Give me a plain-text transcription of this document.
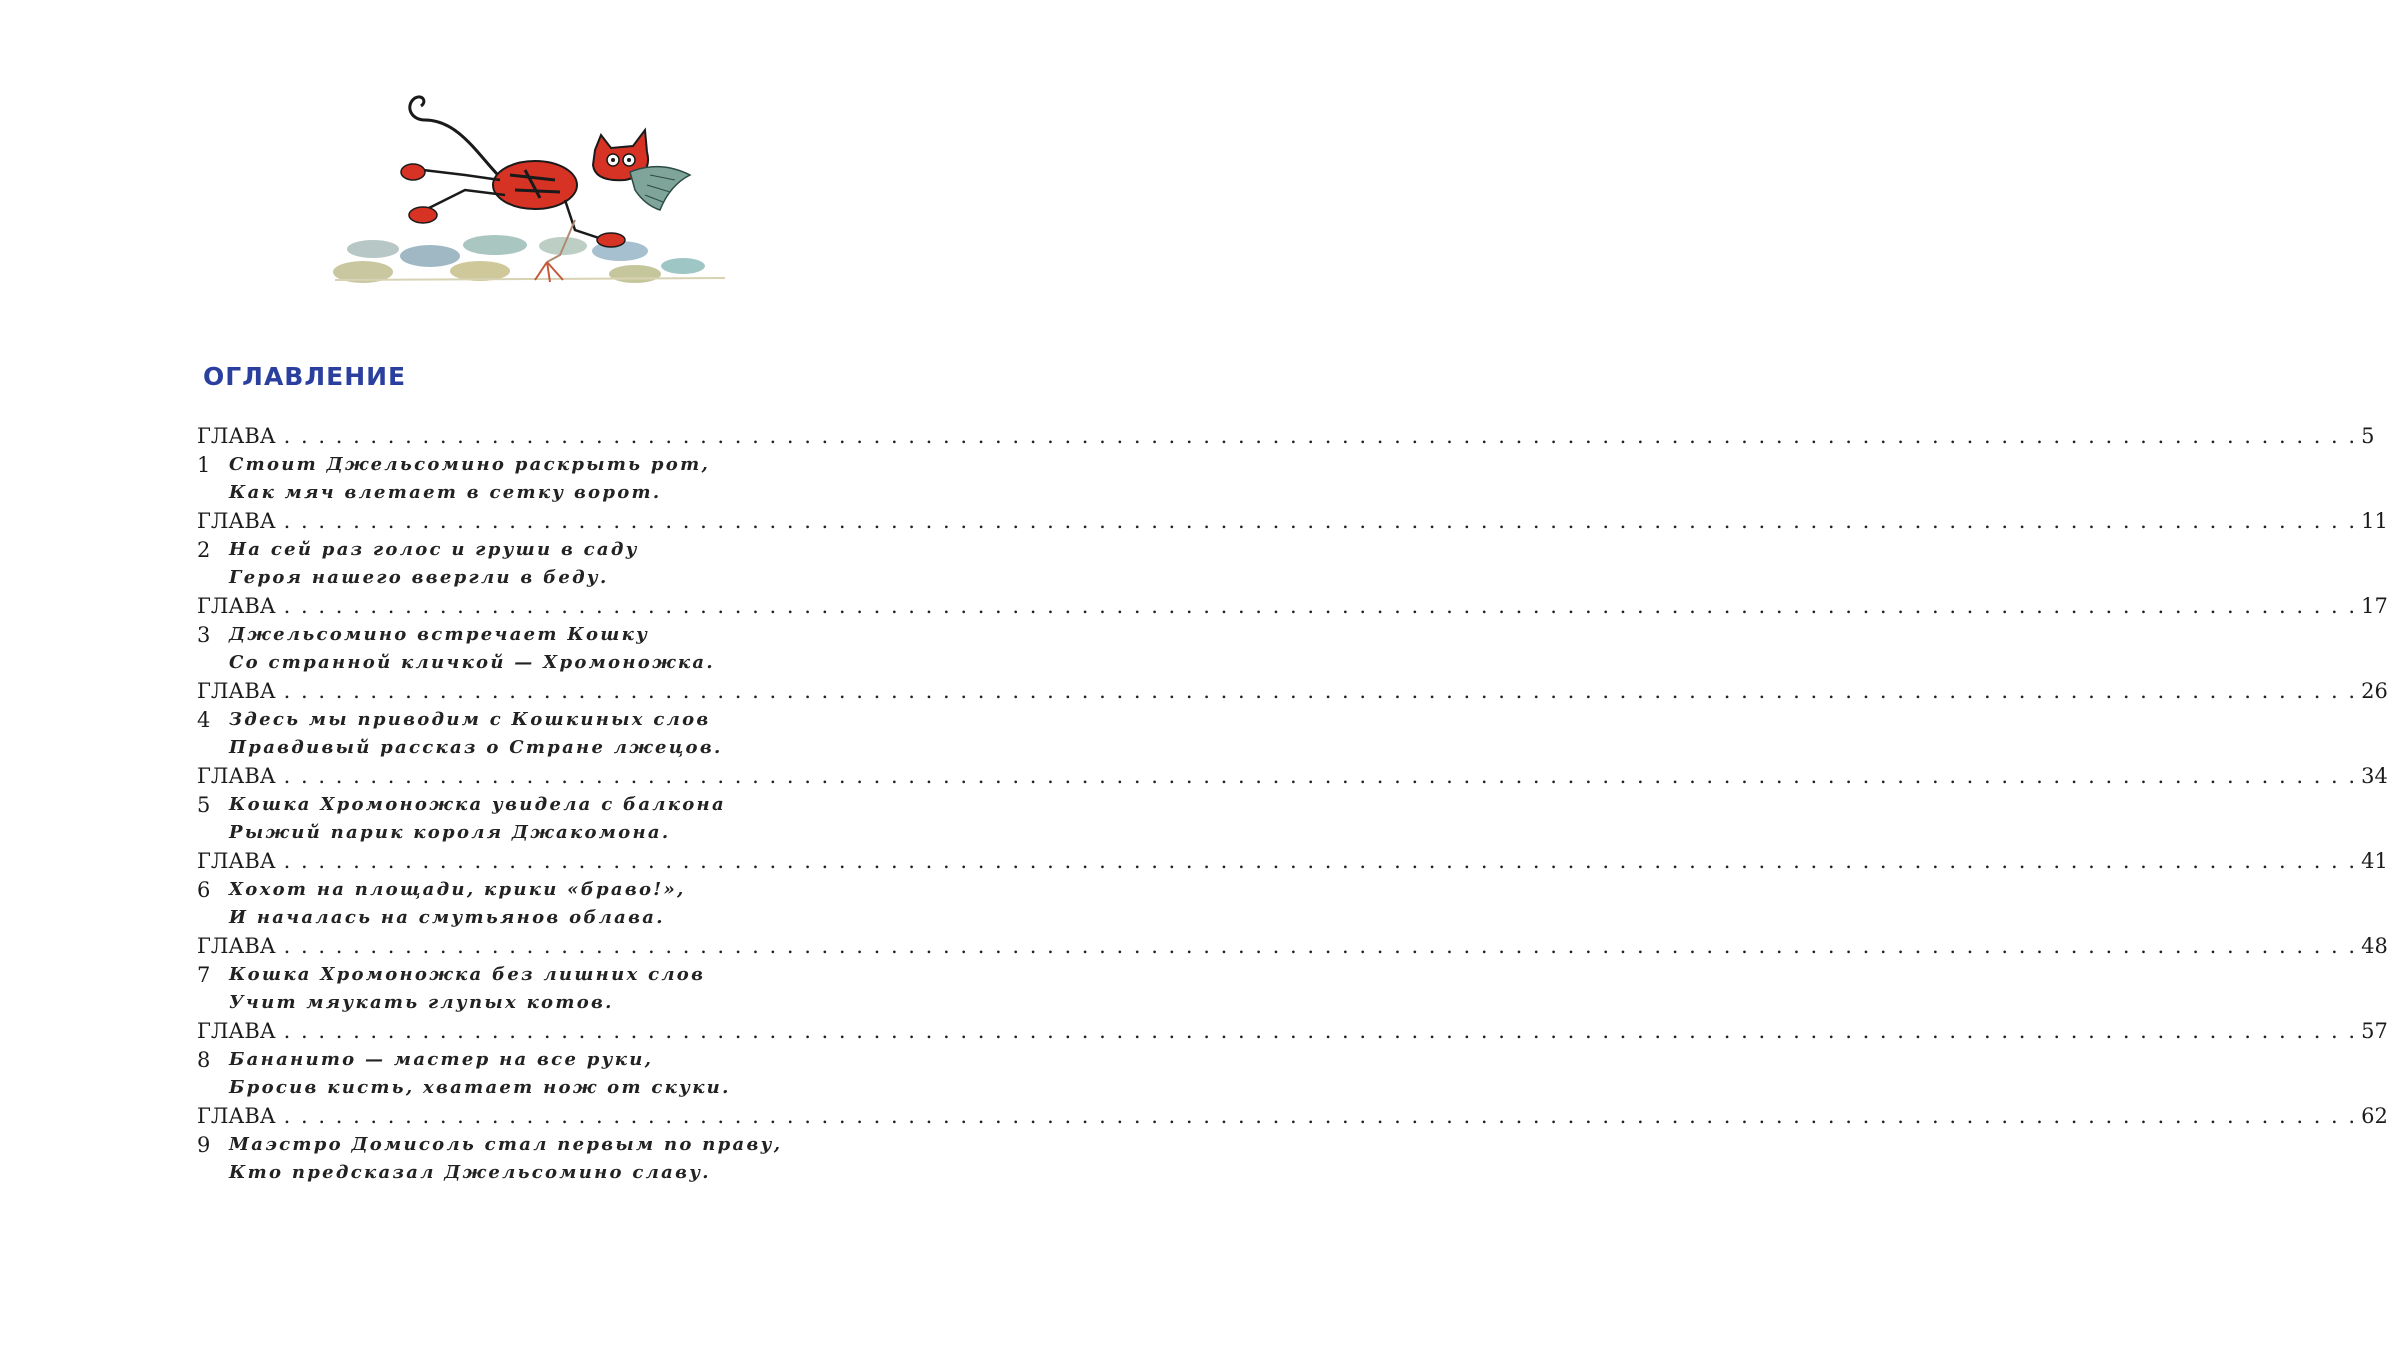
ОГЛАВЛЕНИЕ
ГЛАВА 1
. . . . . . . . . . . . . . . . . . . . . . . . . . . . . . . . . . . . . . . . . . . . . . . . . . . . . . . . . . . . . . . . . . . . . . . . . . . . . . . . . . . . . . . . . . . . . . . . . . . . . . . . . . . . . . . . . . . . . . . . 5
Стоит Джельсомино раскрыть рот,
Как мяч влетает в сетку ворот.
ГЛАВА 2
. . . . . . . . . . . . . . . . . . . . . . . . . . . . . . . . . . . . . . . . . . . . . . . . . . . . . . . . . . . . . . . . . . . . . . . . . . . . . . . . . . . . . . . . . . . . . . . . . . . . . . . . . . . . . . . . . . . . . . . . 11
На сей раз голос и груши в саду
Героя нашего ввергли в беду.
ГЛАВА 3
. . . . . . . . . . . . . . . . . . . . . . . . . . . . . . . . . . . . . . . . . . . . . . . . . . . . . . . . . . . . . . . . . . . . . . . . . . . . . . . . . . . . . . . . . . . . . . . . . . . . . . . . . . . . . . . . . . . . . . . . 17
Джельсомино встречает Кошку
Со странной кличкой — Хромоножка.
ГЛАВА 4
. . . . . . . . . . . . . . . . . . . . . . . . . . . . . . . . . . . . . . . . . . . . . . . . . . . . . . . . . . . . . . . . . . . . . . . . . . . . . . . . . . . . . . . . . . . . . . . . . . . . . . . . . . . . . . . . . . . . . . . . 26
Здесь мы приводим с Кошкиных слов
Правдивый рассказ о Стране лжецов.
ГЛАВА 5
. . . . . . . . . . . . . . . . . . . . . . . . . . . . . . . . . . . . . . . . . . . . . . . . . . . . . . . . . . . . . . . . . . . . . . . . . . . . . . . . . . . . . . . . . . . . . . . . . . . . . . . . . . . . . . . . . . . . . . . . 34
Кошка Хромоножка увидела с балкона
Рыжий парик короля Джакомона.
ГЛАВА 6
. . . . . . . . . . . . . . . . . . . . . . . . . . . . . . . . . . . . . . . . . . . . . . . . . . . . . . . . . . . . . . . . . . . . . . . . . . . . . . . . . . . . . . . . . . . . . . . . . . . . . . . . . . . . . . . . . . . . . . . . 41
Хохот на площади, крики «браво!»,
И началась на смутьянов облава.
ГЛАВА 7
. . . . . . . . . . . . . . . . . . . . . . . . . . . . . . . . . . . . . . . . . . . . . . . . . . . . . . . . . . . . . . . . . . . . . . . . . . . . . . . . . . . . . . . . . . . . . . . . . . . . . . . . . . . . . . . . . . . . . . . . 48
Кошка Хромоножка без лишних слов
Учит мяукать глупых котов.
ГЛАВА 8
. . . . . . . . . . . . . . . . . . . . . . . . . . . . . . . . . . . . . . . . . . . . . . . . . . . . . . . . . . . . . . . . . . . . . . . . . . . . . . . . . . . . . . . . . . . . . . . . . . . . . . . . . . . . . . . . . . . . . . . . 57
Бананито — мастер на все руки,
Бросив кисть, хватает нож от скуки.
ГЛАВА 9
. . . . . . . . . . . . . . . . . . . . . . . . . . . . . . . . . . . . . . . . . . . . . . . . . . . . . . . . . . . . . . . . . . . . . . . . . . . . . . . . . . . . . . . . . . . . . . . . . . . . . . . . . . . . . . . . . . . . . . . . 62
Маэстро Домисоль стал первым по праву,
Кто предсказал Джельсомино славу.
